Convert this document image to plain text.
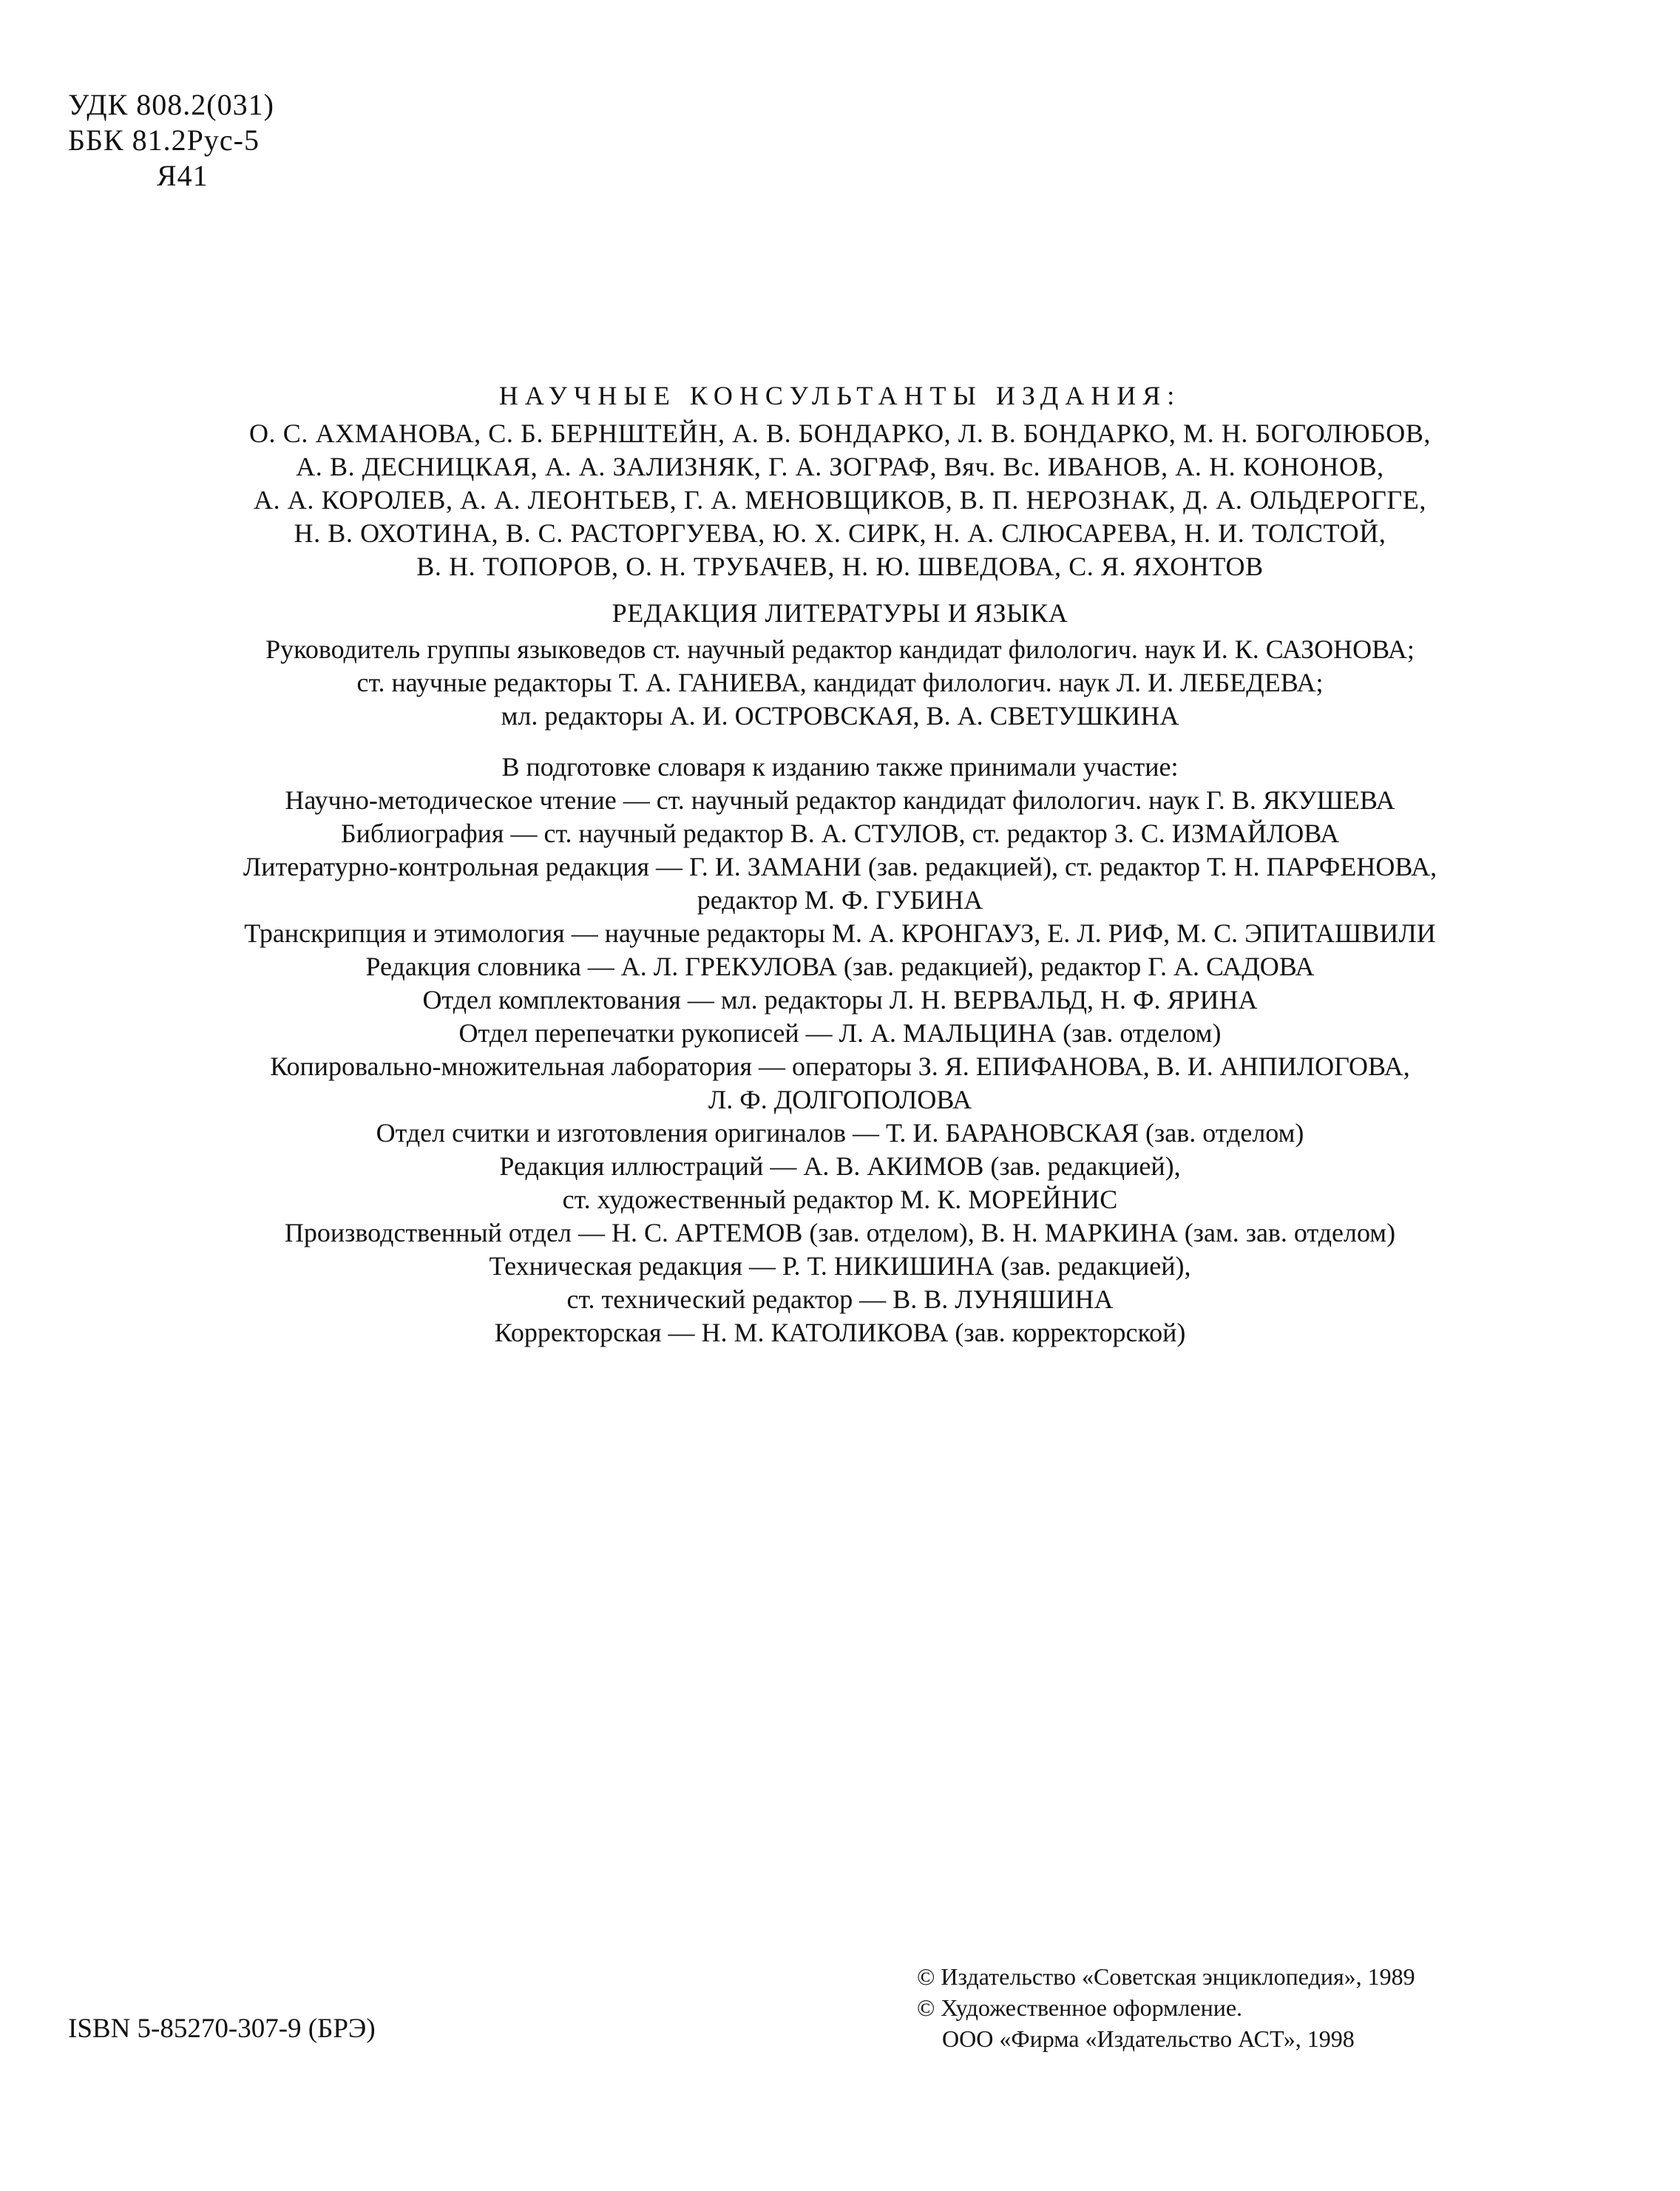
УДК 808.2(031)
ББК 81.2Рус-5
Я41
НАУЧНЫЕ КОНСУЛЬТАНТЫ ИЗДАНИЯ:
О. С. АХМАНОВА, С. Б. БЕРНШТЕЙН, А. В. БОНДАРКО, Л. В. БОНДАРКО, М. Н. БОГОЛЮБОВ,
А. В. ДЕСНИЦКАЯ, А. А. ЗАЛИЗНЯК, Г. А. ЗОГРАФ, Вяч. Вс. ИВАНОВ, А. Н. КОНОНОВ,
А. А. КОРОЛЕВ, А. А. ЛЕОНТЬЕВ, Г. А. МЕНОВЩИКОВ, В. П. НЕРОЗНАК, Д. А. ОЛЬДЕРОГГЕ,
Н. В. ОХОТИНА, В. С. РАСТОРГУЕВА, Ю. Х. СИРК, Н. А. СЛЮСАРЕВА, Н. И. ТОЛСТОЙ,
В. Н. ТОПОРОВ, О. Н. ТРУБАЧЕВ, Н. Ю. ШВЕДОВА, С. Я. ЯХОНТОВ
РЕДАКЦИЯ ЛИТЕРАТУРЫ И ЯЗЫКА
Руководитель группы языковедов ст. научный редактор кандидат филологич. наук И. К. САЗОНОВА;
ст. научные редакторы Т. А. ГАНИЕВА, кандидат филологич. наук Л. И. ЛЕБЕДЕВА;
мл. редакторы А. И. ОСТРОВСКАЯ, В. А. СВЕТУШКИНА
В подготовке словаря к изданию также принимали участие:
Научно-методическое чтение — ст. научный редактор кандидат филологич. наук Г. В. ЯКУШЕВА
Библиография — ст. научный редактор В. А. СТУЛОВ, ст. редактор З. С. ИЗМАЙЛОВА
Литературно-контрольная редакция — Г. И. ЗАМАНИ (зав. редакцией), ст. редактор Т. Н. ПАРФЕНОВА,
редактор М. Ф. ГУБИНА
Транскрипция и этимология — научные редакторы М. А. КРОНГАУЗ, Е. Л. РИФ, М. С. ЭПИТАШВИЛИ
Редакция словника — А. Л. ГРЕКУЛОВА (зав. редакцией), редактор Г. А. САДОВА
Отдел комплектования — мл. редакторы Л. Н. ВЕРВАЛЬД, Н. Ф. ЯРИНА
Отдел перепечатки рукописей — Л. А. МАЛЬЦИНА (зав. отделом)
Копировально-множительная лаборатория — операторы З. Я. ЕПИФАНОВА, В. И. АНПИЛОГОВА,
Л. Ф. ДОЛГОПОЛОВА
Отдел считки и изготовления оригиналов — Т. И. БАРАНОВСКАЯ (зав. отделом)
Редакция иллюстраций — А. В. АКИМОВ (зав. редакцией),
ст. художественный редактор М. К. МОРЕЙНИС
Производственный отдел — Н. С. АРТЕМОВ (зав. отделом), В. Н. МАРКИНА (зам. зав. отделом)
Техническая редакция — Р. Т. НИКИШИНА (зав. редакцией),
ст. технический редактор — В. В. ЛУНЯШИНА
Корректорская — Н. М. КАТОЛИКОВА (зав. корректорской)
© Издательство «Советская энциклопедия», 1989
© Художественное оформление.
ООО «Фирма «Издательство АСТ», 1998
ISBN 5-85270-307-9 (БРЭ)
